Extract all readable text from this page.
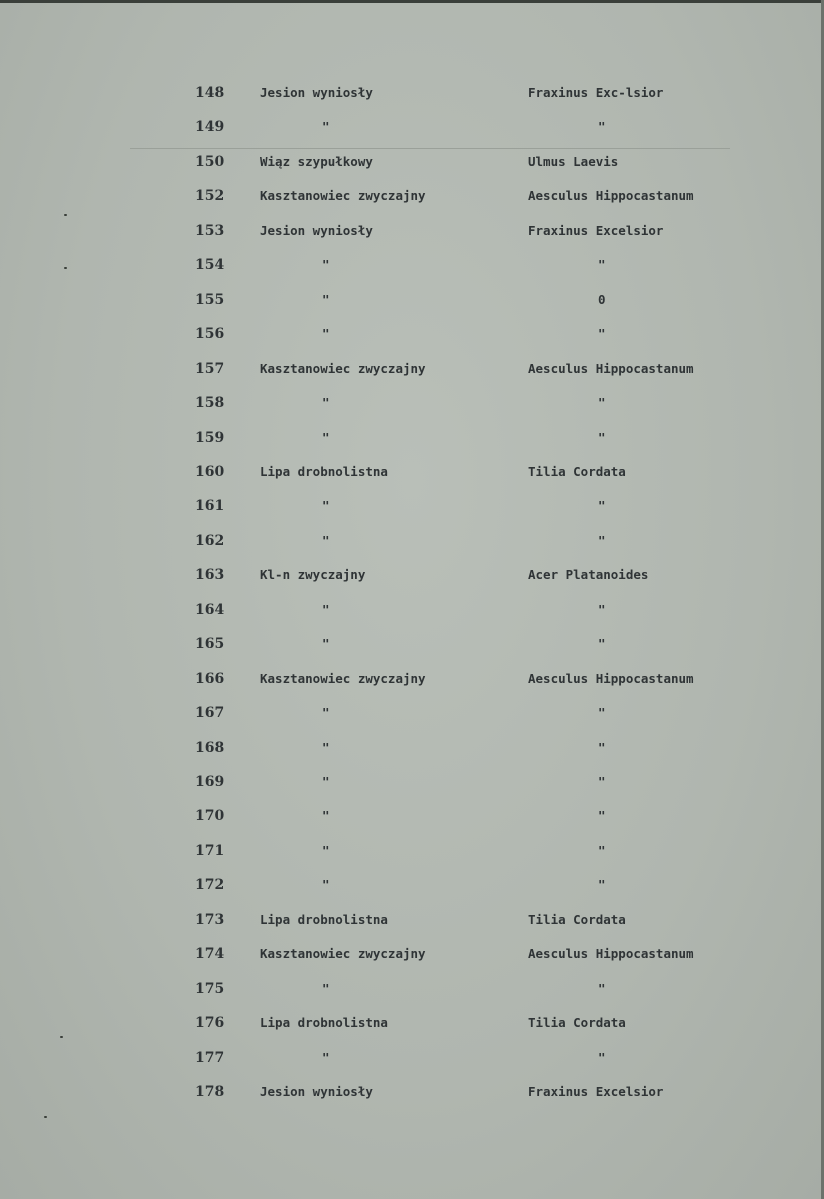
148	Jesion wyniosły	Fraxinus Exc-lsior
149	"	"
150	Wiąz szypułkowy	Ulmus Laevis
152	Kasztanowiec zwyczajny	Aesculus Hippocastanum
153	Jesion wyniosły	Fraxinus Excelsior
154	"	"
155	"	0
156	"	"
157	Kasztanowiec zwyczajny	Aesculus Hippocastanum
158	"	"
159	"	"
160	Lipa drobnolistna	Tilia Cordata
161	"	"
162	"	"
163	Kl-n zwyczajny	Acer Platanoides
164	"	"
165	"	"
166	Kasztanowiec zwyczajny	Aesculus Hippocastanum
167	"	"
168	"	"
169	"	"
170	"	"
171	"	"
172	"	"
173	Lipa drobnolistna	Tilia Cordata
174	Kasztanowiec zwyczajny	Aesculus Hippocastanum
175	"	"
176	Lipa drobnolistna	Tilia Cordata
177	"	"
178	Jesion wyniosły	Fraxinus Excelsior
